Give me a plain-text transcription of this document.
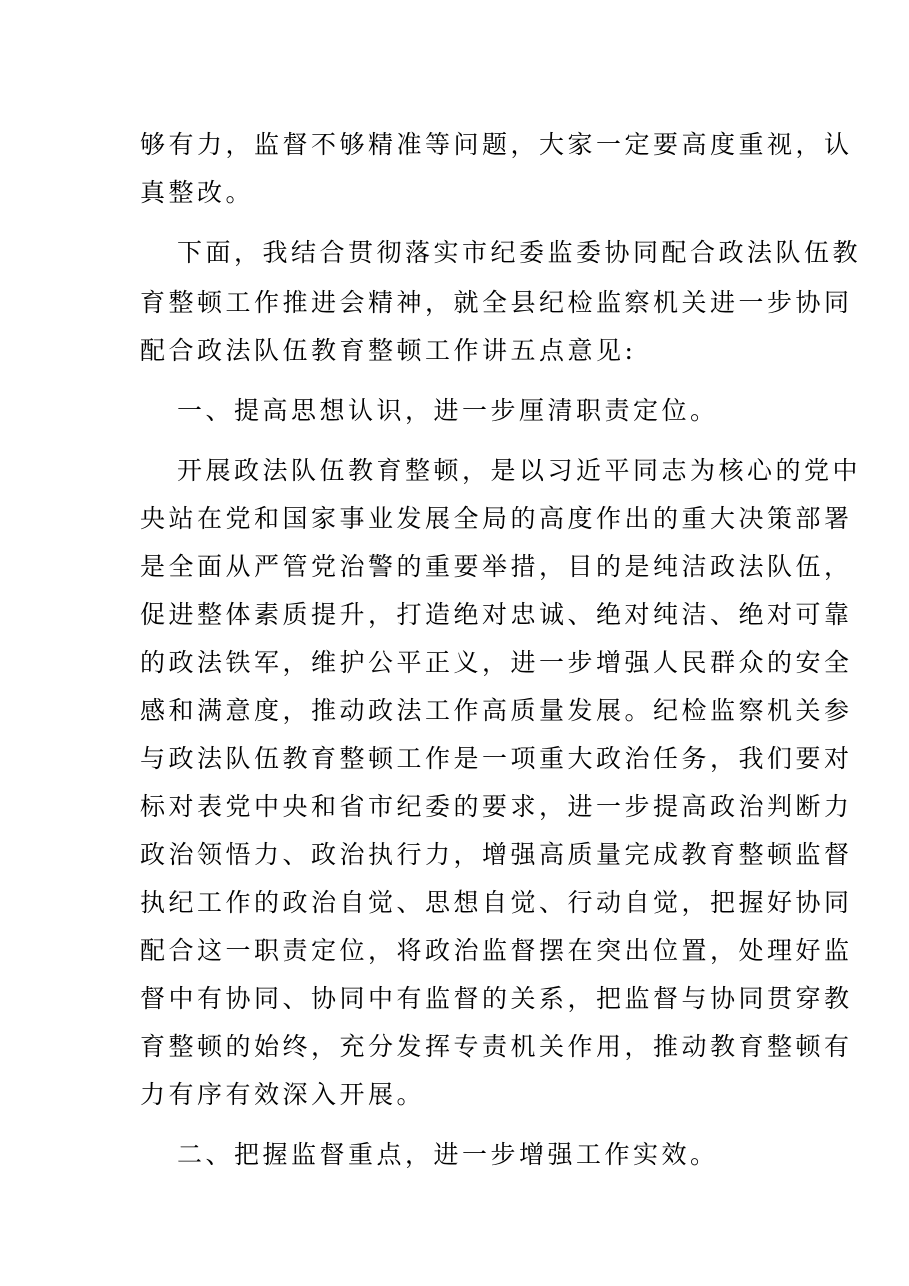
够有力，监督不够精准等问题，大家一定要高度重视，认
真整改。
下面，我结合贯彻落实市纪委监委协同配合政法队伍教
育整顿工作推进会精神，就全县纪检监察机关进一步协同
配合政法队伍教育整顿工作讲五点意见:
一、提高思想认识，进一步厘清职责定位。
开展政法队伍教育整顿，是以习近平同志为核心的党中
央站在党和国家事业发展全局的高度作出的重大决策部署
是全面从严管党治警的重要举措，目的是纯洁政法队伍，
促进整体素质提升，打造绝对忠诚、绝对纯洁、绝对可靠
的政法铁军，维护公平正义，进一步增强人民群众的安全
感和满意度，推动政法工作高质量发展。纪检监察机关参
与政法队伍教育整顿工作是一项重大政治任务，我们要对
标对表党中央和省市纪委的要求，进一步提高政治判断力
政治领悟力、政治执行力，增强高质量完成教育整顿监督
执纪工作的政治自觉、思想自觉、行动自觉，把握好协同
配合这一职责定位，将政治监督摆在突出位置，处理好监
督中有协同、协同中有监督的关系，把监督与协同贯穿教
育整顿的始终，充分发挥专责机关作用，推动教育整顿有
力有序有效深入开展。
二、把握监督重点，进一步增强工作实效。
